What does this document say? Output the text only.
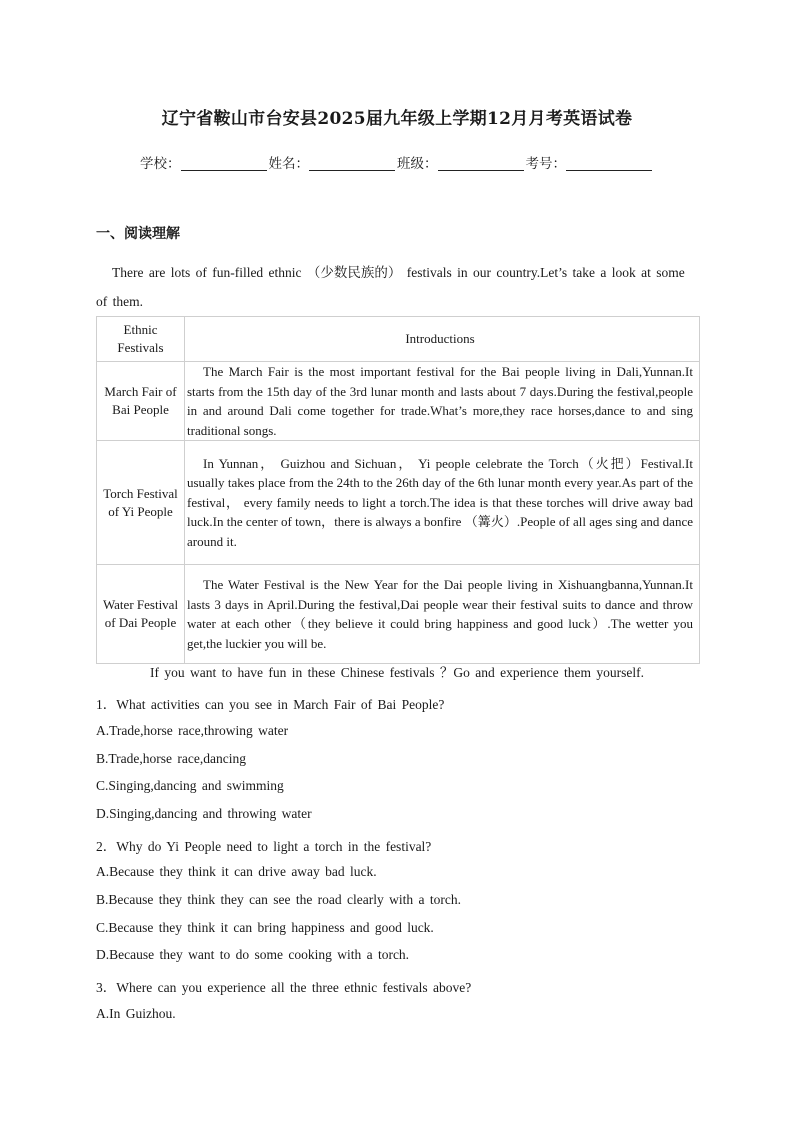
辽宁省鞍山市台安县2025届九年级上学期12月月考英语试卷
学校：	姓名：	班级：	考号：
一、阅读理解
There are lots of fun-filled ethnic （少数民族的） festivals in our country.Let’s take a look at some of them.
Ethnic Festivals	Introductions
March Fair of Bai People	The March Fair is the most important festival for the Bai people living in Dali,Yunnan.It starts from the 15th day of the 3rd lunar month and lasts about 7 days.During the festival,people in and around Dali come together for trade.What’s more,they race horses,dance to and sing traditional songs.
Torch Festival of Yi People	In Yunnan， Guizhou and Sichuan， Yi people celebrate the Torch（火把）Festival.It usually takes place from the 24th to the 26th day of the 6th lunar month every year.As part of the festival， every family needs to light a torch.The idea is that these torches will drive away bad luck.In the center of town，there is always a bonfire （篝火）.People of all ages sing and dance around it.
Water Festival of Dai People	The Water Festival is the New Year for the Dai people living in Xishuangbanna,Yunnan.It lasts 3 days in April.During the festival,Dai people wear their festival suits to dance and throw water at each other（they believe it could bring happiness and good luck）.The wetter you get,the luckier you will be.
If you want to have fun in these Chinese festivals ？Go and experience them yourself.
1．What activities can you see in March Fair of Bai People?
A.Trade,horse race,throwing water
B.Trade,horse race,dancing
C.Singing,dancing and swimming
D.Singing,dancing and throwing water
2．Why do Yi People need to light a torch in the festival?
A.Because they think it can drive away bad luck.
B.Because they think they can see the road clearly with a torch.
C.Because they think it can bring happiness and good luck.
D.Because they want to do some cooking with a torch.
3．Where can you experience all the three ethnic festivals above?
A.In Guizhou.
